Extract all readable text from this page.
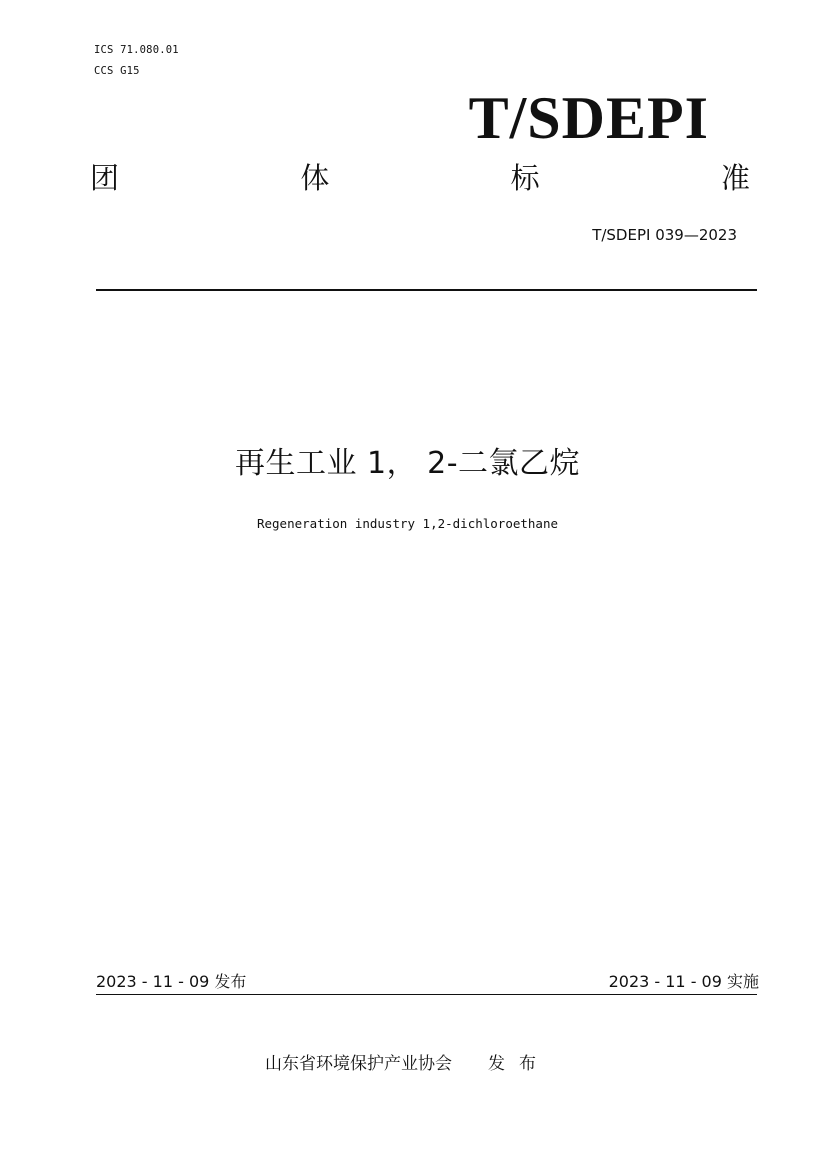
ICS 71.080.01
CCS G15
T/SDEPI
团	体	标	准
T/SDEPI 039—2023
再生工业 1， 2-二氯乙烷
Regeneration industry 1,2-dichloroethane
2023 - 11 - 09 发布	2023 - 11 - 09 实施
山东省环境保护产业协会 发布
